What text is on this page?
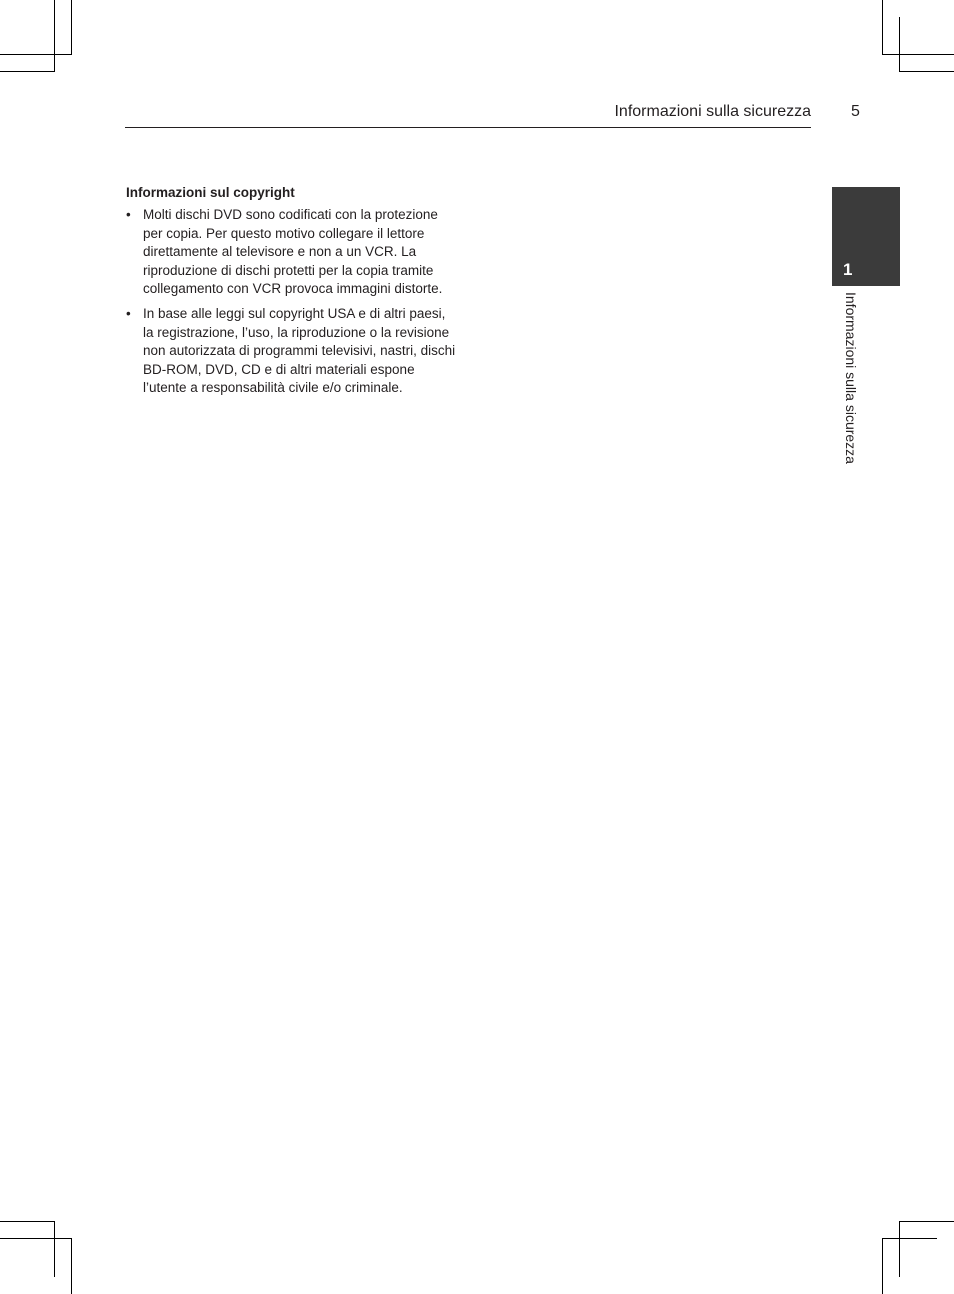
Informazioni sulla sicurezza	5
1
Informazioni sulla sicurezza
Informazioni sul copyright
• Molti dischi DVD sono codificati con la protezione per copia. Per questo motivo collegare il lettore direttamente al televisore e non a un VCR. La riproduzione di dischi protetti per la copia tramite collegamento con VCR provoca immagini distorte.
• In base alle leggi sul copyright USA e di altri paesi, la registrazione, l’uso, la riproduzione o la revisione non autorizzata di programmi televisivi, nastri, dischi BD-ROM, DVD, CD e di altri materiali espone l’utente a responsabilità civile e/o criminale.
